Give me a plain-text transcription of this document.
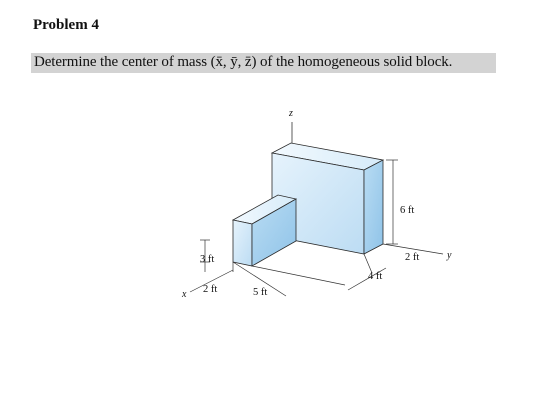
Problem 4
Determine the center of mass (x̄, ȳ, z̄) of the homogeneous solid block.
z
6 ft
2 ft
4 ft
5 ft
3 ft
2 ft
y
x
